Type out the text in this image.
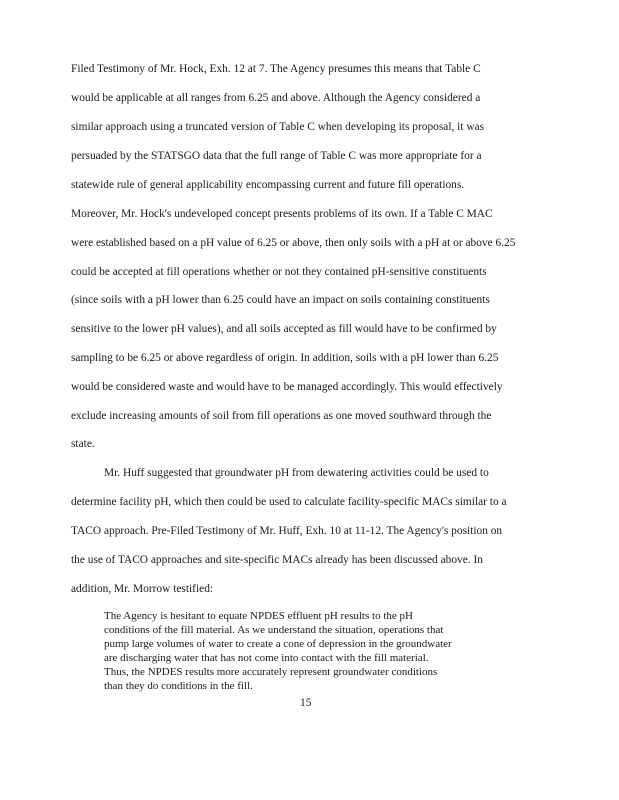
Filed Testimony of Mr. Hock, Exh. 12 at 7. The Agency presumes this means that Table C
would be applicable at all ranges from 6.25 and above. Although the Agency considered a
similar approach using a truncated version of Table C when developing its proposal, it was
persuaded by the STATSGO data that the full range of Table C was more appropriate for a
statewide rule of general applicability encompassing current and future fill operations.
Moreover, Mr. Hock's undeveloped concept presents problems of its own. If a Table C MAC
were established based on a pH value of 6.25 or above, then only soils with a pH at or above 6.25
could be accepted at fill operations whether or not they contained pH-sensitive constituents
(since soils with a pH lower than 6.25 could have an impact on soils containing constituents
sensitive to the lower pH values), and all soils accepted as fill would have to be confirmed by
sampling to be 6.25 or above regardless of origin. In addition, soils with a pH lower than 6.25
would be considered waste and would have to be managed accordingly. This would effectively
exclude increasing amounts of soil from fill operations as one moved southward through the
state.
Mr. Huff suggested that groundwater pH from dewatering activities could be used to
determine facility pH, which then could be used to calculate facility-specific MACs similar to a
TACO approach. Pre-Filed Testimony of Mr. Huff, Exh. 10 at 11-12. The Agency's position on
the use of TACO approaches and site-specific MACs already has been discussed above. In
addition, Mr. Morrow testified:
The Agency is hesitant to equate NPDES effluent pH results to the pH
conditions of the fill material. As we understand the situation, operations that
pump large volumes of water to create a cone of depression in the groundwater
are discharging water that has not come into contact with the fill material.
Thus, the NPDES results more accurately represent groundwater conditions
than they do conditions in the fill.
15
